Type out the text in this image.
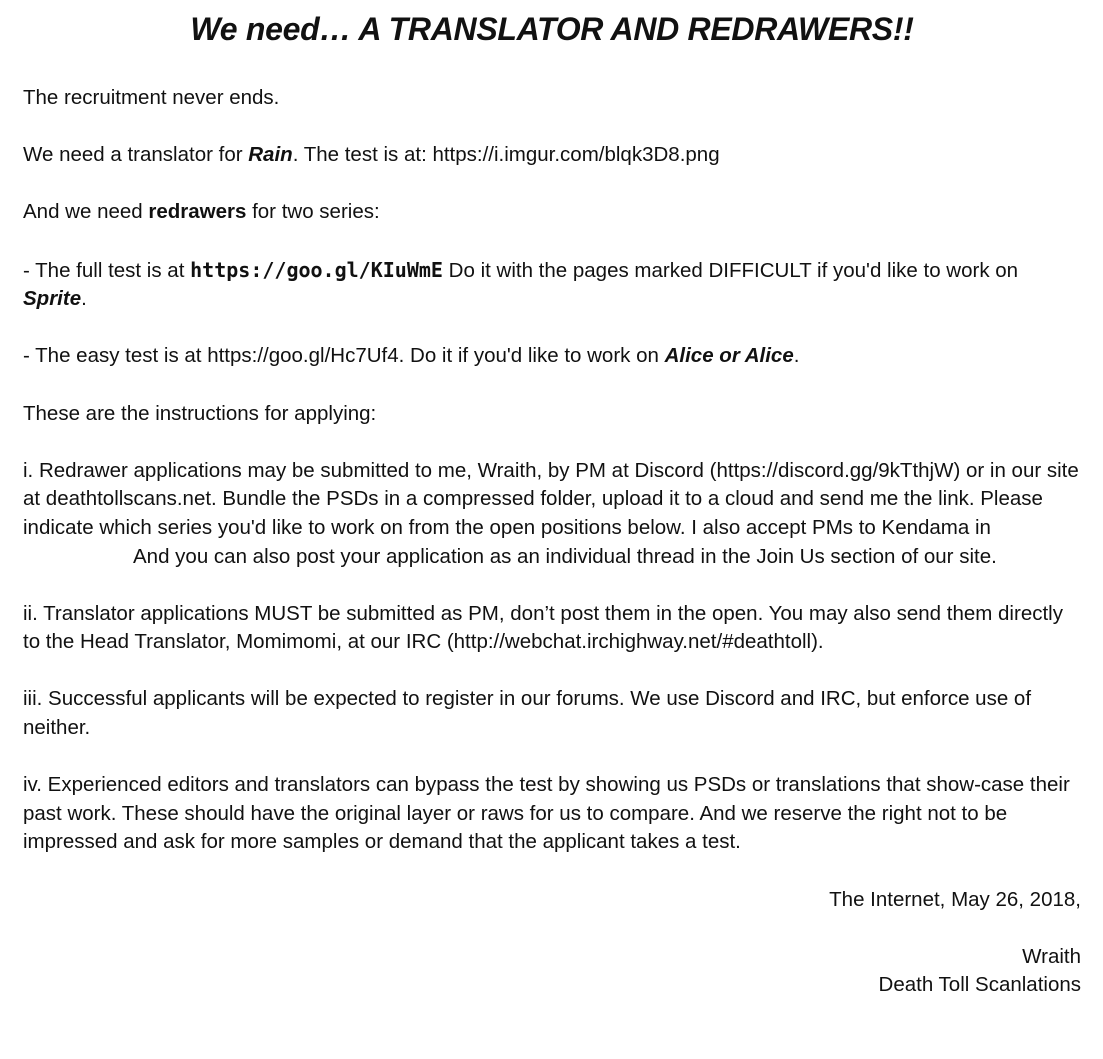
We need… A TRANSLATOR AND REDRAWERS!!

The recruitment never ends.

We need a translator for Rain. The test is at: https://i.imgur.com/blqk3D8.png

And we need redrawers for two series:

- The full test is at https://goo.gl/KIuWmE Do it with the pages marked DIFFICULT if you'd like to work on Sprite.

- The easy test is at https://goo.gl/Hc7Uf4. Do it if you'd like to work on Alice or Alice.

These are the instructions for applying:

i. Redrawer applications may be submitted to me, Wraith, by PM at Discord (https://discord.gg/9kTthjW) or in our site at deathtollscans.net. Bundle the PSDs in a compressed folder, upload it to a cloud and send me the link. Please indicate which series you'd like to work on from the open positions below. I also accept PMs to Kendama inAnd you can also post your application as an individual thread in the Join Us section of our site.

ii. Translator applications MUST be submitted as PM, don’t post them in the open. You may also send them directly to the Head Translator, Momimomi, at our IRC (http://webchat.irchighway.net/#deathtoll).

iii. Successful applicants will be expected to register in our forums. We use Discord and IRC, but enforce use of neither.

iv. Experienced editors and translators can bypass the test by showing us PSDs or translations that show-case their past work. These should have the original layer or raws for us to compare. And we reserve the right not to be impressed and ask for more samples or demand that the applicant takes a test.

The Internet, May 26, 2018,

Wraith

Death Toll Scanlations
